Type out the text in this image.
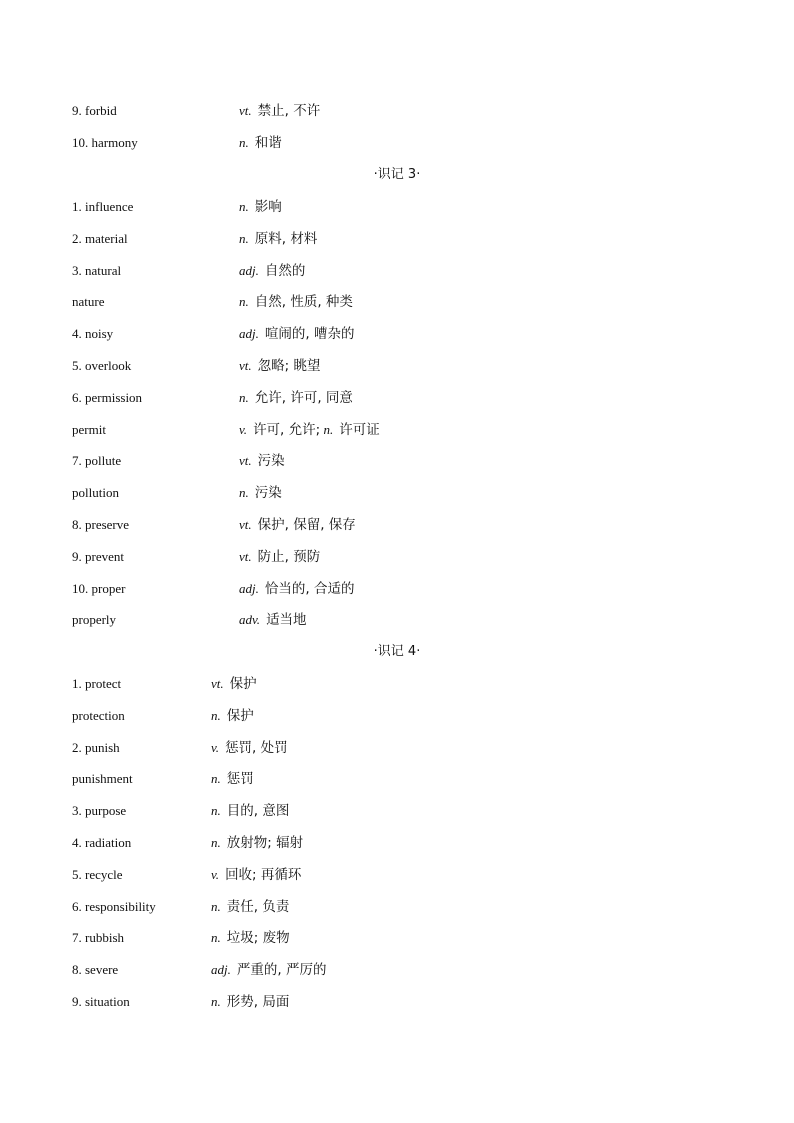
9. forbid	vt. 禁止, 不许
10. harmony	n. 和谐
·识记 3·
1. influence	n. 影响
2. material	n. 原料, 材料
3. natural	adj. 自然的
nature	n. 自然, 性质, 种类
4. noisy	adj. 喧闹的, 嘈杂的
5. overlook	vt. 忽略; 眺望
6. permission	n. 允许, 许可, 同意
permit	v. 许可, 允许; n. 许可证
7. pollute	vt. 污染
pollution	n. 污染
8. preserve	vt. 保护, 保留, 保存
9. prevent	vt. 防止, 预防
10. proper	adj. 恰当的, 合适的
properly	adv. 适当地
·识记 4·
1. protect	vt. 保护
protection	n. 保护
2. punish	v. 惩罚, 处罚
punishment	n. 惩罚
3. purpose	n. 目的, 意图
4. radiation	n. 放射物; 辐射
5. recycle	v. 回收; 再循环
6. responsibility	n. 责任, 负责
7. rubbish	n. 垃圾; 废物
8. severe	adj. 严重的, 严厉的
9. situation	n. 形势, 局面
